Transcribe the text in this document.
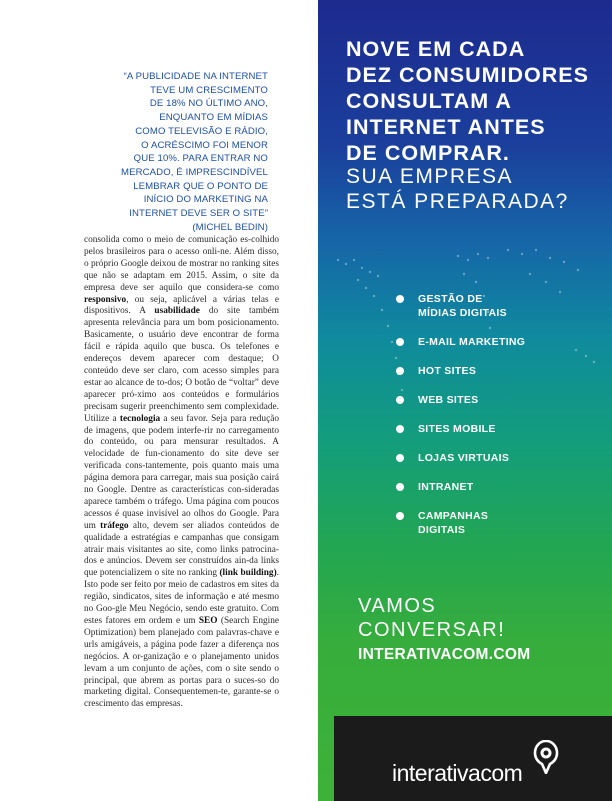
“A PUBLICIDADE NA INTERNET
TEVE UM CRESCIMENTO
DE 18% NO ÚLTIMO ANO,
ENQUANTO EM MÍDIAS
COMO TELEVISÃO E RÁDIO,
O ACRÉSCIMO FOI MENOR
QUE 10%. PARA ENTRAR NO
MERCADO, É IMPRESCINDÍVEL
LEMBRAR QUE O PONTO DE
INÍCIO DO MARKETING NA
INTERNET DEVE SER O SITE”

(MICHEL BEDIN)
consolida como o meio de comunicação es-colhido pelos brasileiros para o acesso onli-ne. Além disso, o próprio Google deixou de mostrar no ranking sites que não se adaptam em 2015. Assim, o site da empresa deve ser aquilo que considera-se como responsivo, ou seja, aplicável a várias telas e dispositivos. A usabilidade do site também apresenta relevância para um bom posicionamento. Basicamente, o usuário deve encontrar de forma fácil e rápida aquilo que busca. Os telefones e endereços devem aparecer com destaque; O conteúdo deve ser claro, com acesso simples para estar ao alcance de to-dos; O botão de “voltar” deve aparecer pró-ximo aos conteúdos e formulários precisam sugerir preenchimento sem complexidade. Utilize a tecnologia a seu favor. Seja para redução de imagens, que podem interfe-rir no carregamento do conteúdo, ou para mensurar resultados. A velocidade de fun-cionamento do site deve ser verificada cons-tantemente, pois quanto mais uma página demora para carregar, mais sua posição cairá no Google. Dentre as características con-sideradas aparece também o tráfego. Uma página com poucos acessos é quase invisível ao olhos do Google. Para um tráfego alto, devem ser aliados conteúdos de qualidade a estratégias e campanhas que consigam atrair mais visitantes ao site, como links patrocina-dos e anúncios. Devem ser construídos ain-da links que potencializem o site no ranking (link building). Isto pode ser feito por meio de cadastros em sites da região, sindicatos, sites de informação e até mesmo no Goo-gle Meu Negócio, sendo este gratuito. Com estes fatores em ordem e um SEO (Search Engine Optimization) bem planejado com palavras-chave e urls amigáveis, a página pode fazer a diferença nos negócios. A or-ganização e o planejamento unidos levam a um conjunto de ações, com o site sendo o principal, que abrem as portas para o suces-so do marketing digital. Consequentemen-te, garante-se o crescimento das empresas.
NOVE EM CADA
DEZ CONSUMIDORES
CONSULTAM A
INTERNET ANTES
DE COMPRAR.
SUA EMPRESA
ESTÁ PREPARADA?
GESTÃO DE
MÍDIAS DIGITAIS
E-MAIL MARKETING
HOT SITES
WEB SITES
SITES MOBILE
LOJAS VIRTUAIS
INTRANET
CAMPANHAS
DIGITAIS
VAMOS
CONVERSAR!
INTERATIVACOM.COM
interativacom
